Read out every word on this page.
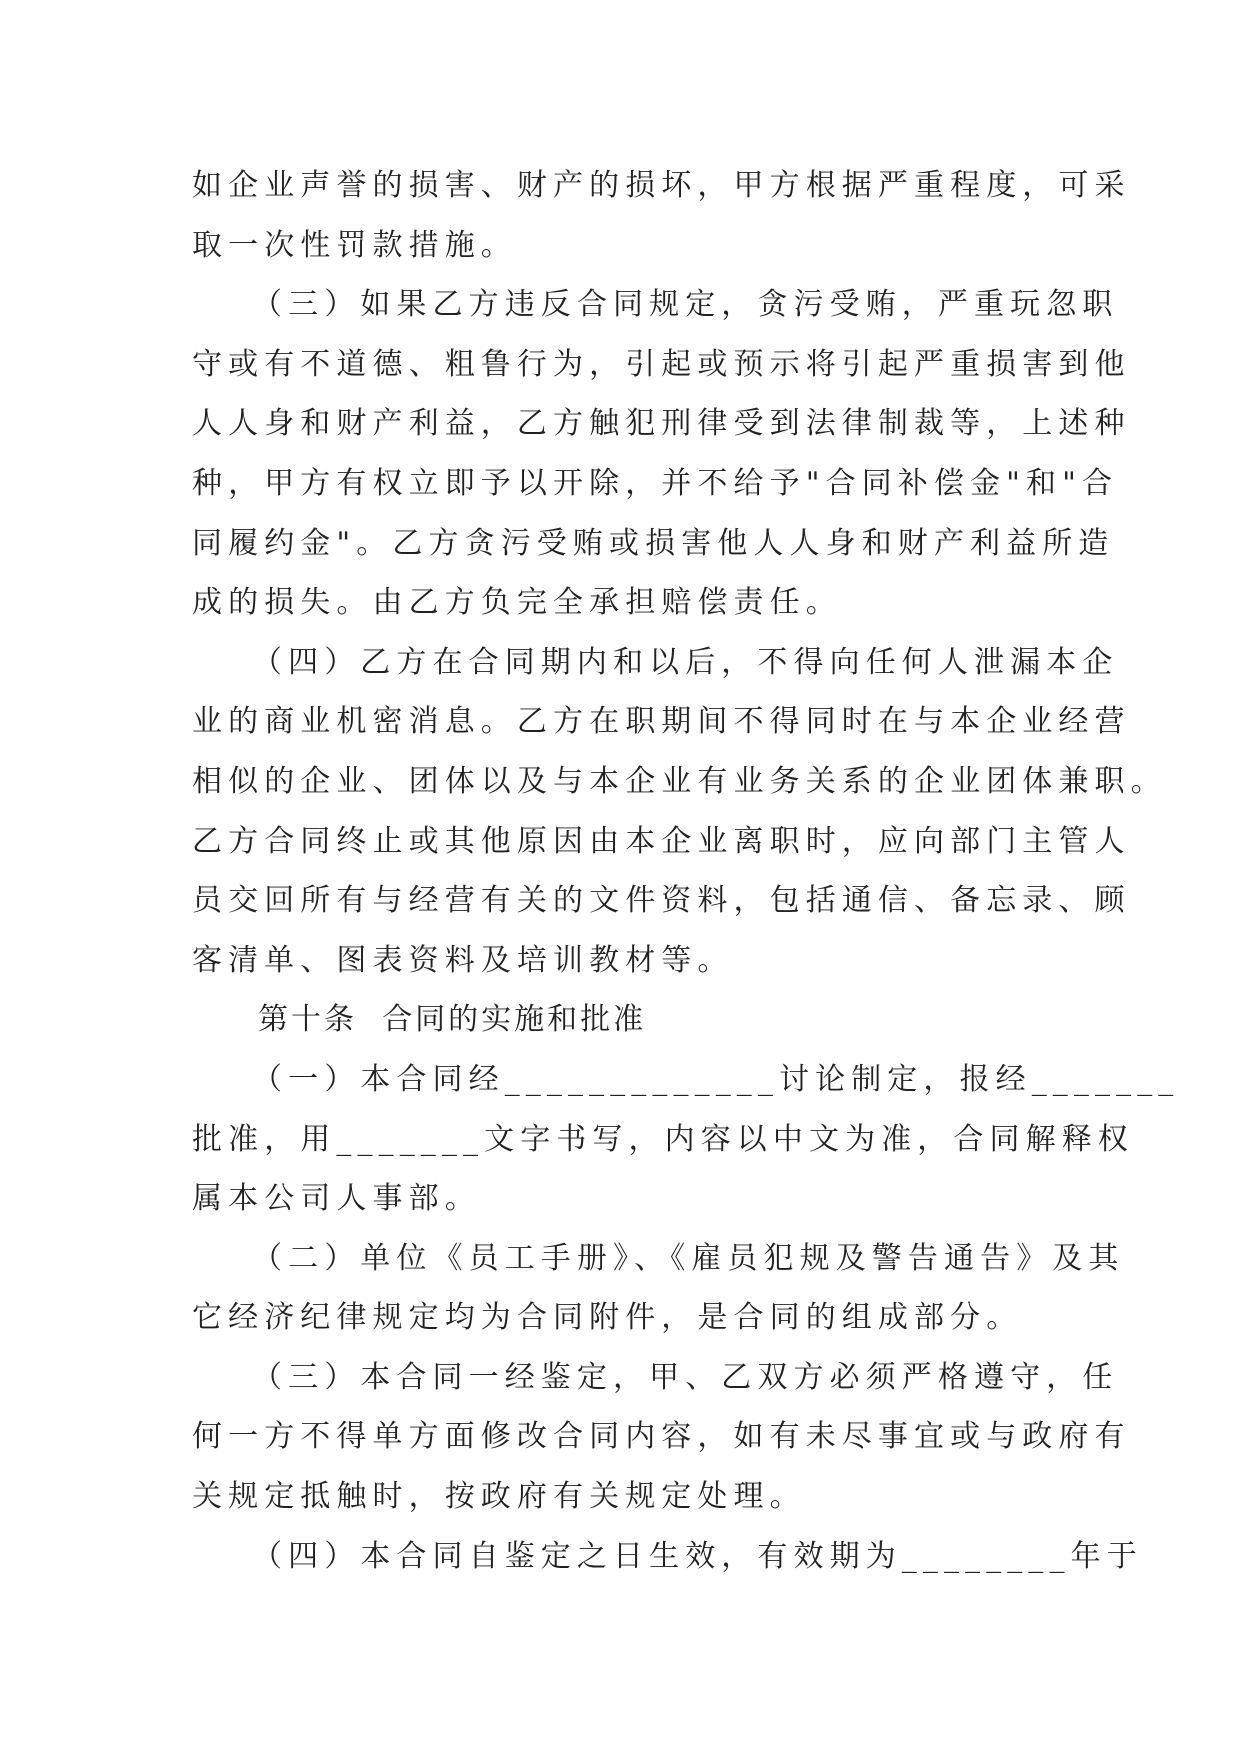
如企业声誉的损害、财产的损坏，甲方根据严重程度，可采
取一次性罚款措施。
（三）如果乙方违反合同规定，贪污受贿，严重玩忽职
守或有不道德、粗鲁行为，引起或预示将引起严重损害到他
人人身和财产利益，乙方触犯刑律受到法律制裁等，上述种
种，甲方有权立即予以开除，并不给予"合同补偿金"和"合
同履约金"。乙方贪污受贿或损害他人人身和财产利益所造
成的损失。由乙方负完全承担赔偿责任。
（四）乙方在合同期内和以后，不得向任何人泄漏本企
业的商业机密消息。乙方在职期间不得同时在与本企业经营
相似的企业、团体以及与本企业有业务关系的企业团体兼职。
乙方合同终止或其他原因由本企业离职时，应向部门主管人
员交回所有与经营有关的文件资料，包括通信、备忘录、顾
客清单、图表资料及培训教材等。
第十条  合同的实施和批准
（一）本合同经_____________讨论制定，报经_______
批准，用_______文字书写，内容以中文为准，合同解释权
属本公司人事部。
（二）单位《员工手册》、《雇员犯规及警告通告》及其
它经济纪律规定均为合同附件，是合同的组成部分。
（三）本合同一经鉴定，甲、乙双方必须严格遵守，任
何一方不得单方面修改合同内容，如有未尽事宜或与政府有
关规定抵触时，按政府有关规定处理。
（四）本合同自鉴定之日生效，有效期为________年于
